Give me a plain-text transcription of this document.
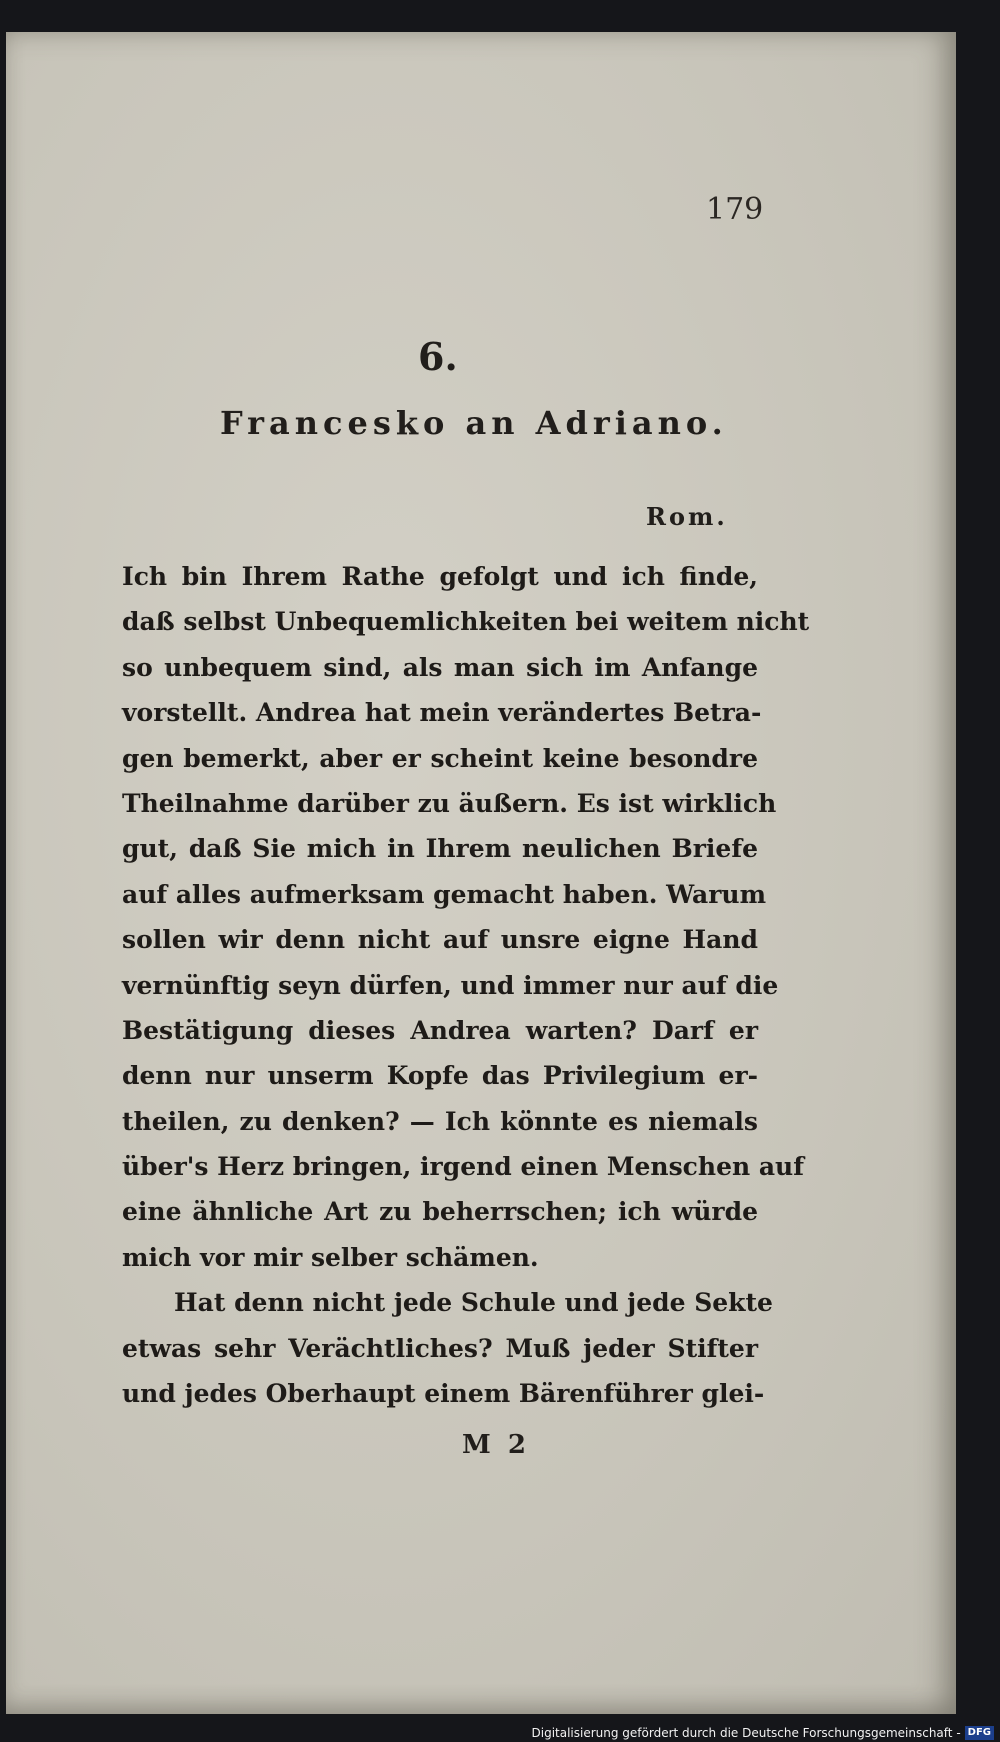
179
6.
Francesko an Adriano.
Rom.
Ich bin Ihrem Rathe gefolgt und ich finde,
daß selbst Unbequemlichkeiten bei weitem nicht
so unbequem sind, als man sich im Anfange
vorstellt. Andrea hat mein verändertes Betra-
gen bemerkt, aber er scheint keine besondre
Theilnahme darüber zu äußern. Es ist wirklich
gut, daß Sie mich in Ihrem neulichen Briefe
auf alles aufmerksam gemacht haben. Warum
sollen wir denn nicht auf unsre eigne Hand
vernünftig seyn dürfen, und immer nur auf die
Bestätigung dieses Andrea warten? Darf er
denn nur unserm Kopfe das Privilegium er-
theilen, zu denken? — Ich könnte es niemals
über's Herz bringen, irgend einen Menschen auf
eine ähnliche Art zu beherrschen; ich würde
mich vor mir selber schämen.
Hat denn nicht jede Schule und jede Sekte
etwas sehr Verächtliches? Muß jeder Stifter
und jedes Oberhaupt einem Bärenführer glei-
M 2
Digitalisierung gefördert durch die Deutsche Forschungsgemeinschaft - DFG
